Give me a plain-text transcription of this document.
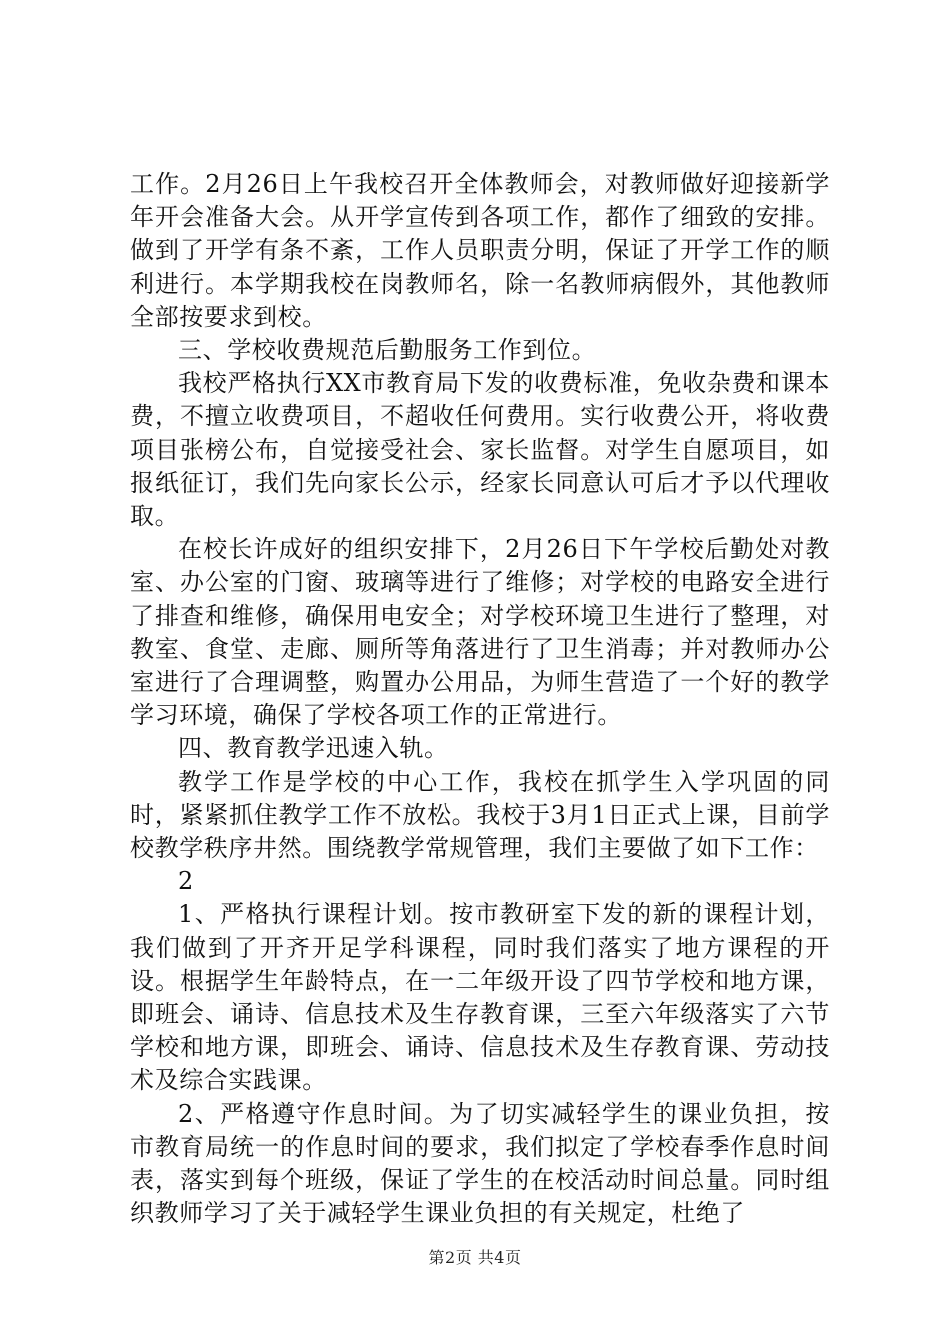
工作。2月26日上午我校召开全体教师会，对教师做好迎接新学年开会准备大会。从开学宣传到各项工作，都作了细致的安排。做到了开学有条不紊，工作人员职责分明，保证了开学工作的顺利进行。本学期我校在岗教师名，除一名教师病假外，其他教师全部按要求到校。

三、学校收费规范后勤服务工作到位。

我校严格执行XX市教育局下发的收费标准，免收杂费和课本费，不擅立收费项目，不超收任何费用。实行收费公开，将收费项目张榜公布，自觉接受社会、家长监督。对学生自愿项目，如报纸征订，我们先向家长公示，经家长同意认可后才予以代理收取。

在校长许成好的组织安排下，2月26日下午学校后勤处对教室、办公室的门窗、玻璃等进行了维修；对学校的电路安全进行了排查和维修，确保用电安全；对学校环境卫生进行了整理，对教室、食堂、走廊、厕所等角落进行了卫生消毒；并对教师办公室进行了合理调整，购置办公用品，为师生营造了一个好的教学学习环境，确保了学校各项工作的正常进行。

四、教育教学迅速入轨。

教学工作是学校的中心工作，我校在抓学生入学巩固的同时，紧紧抓住教学工作不放松。我校于3月1日正式上课，目前学校教学秩序井然。围绕教学常规管理，我们主要做了如下工作：

2

1、严格执行课程计划。按市教研室下发的新的课程计划，我们做到了开齐开足学科课程，同时我们落实了地方课程的开设。根据学生年龄特点，在一二年级开设了四节学校和地方课，即班会、诵诗、信息技术及生存教育课，三至六年级落实了六节学校和地方课，即班会、诵诗、信息技术及生存教育课、劳动技术及综合实践课。

2、严格遵守作息时间。为了切实减轻学生的课业负担，按市教育局统一的作息时间的要求，我们拟定了学校春季作息时间表，落实到每个班级，保证了学生的在校活动时间总量。同时组织教师学习了关于减轻学生课业负担的有关规定，杜绝了

第2页 共4页
